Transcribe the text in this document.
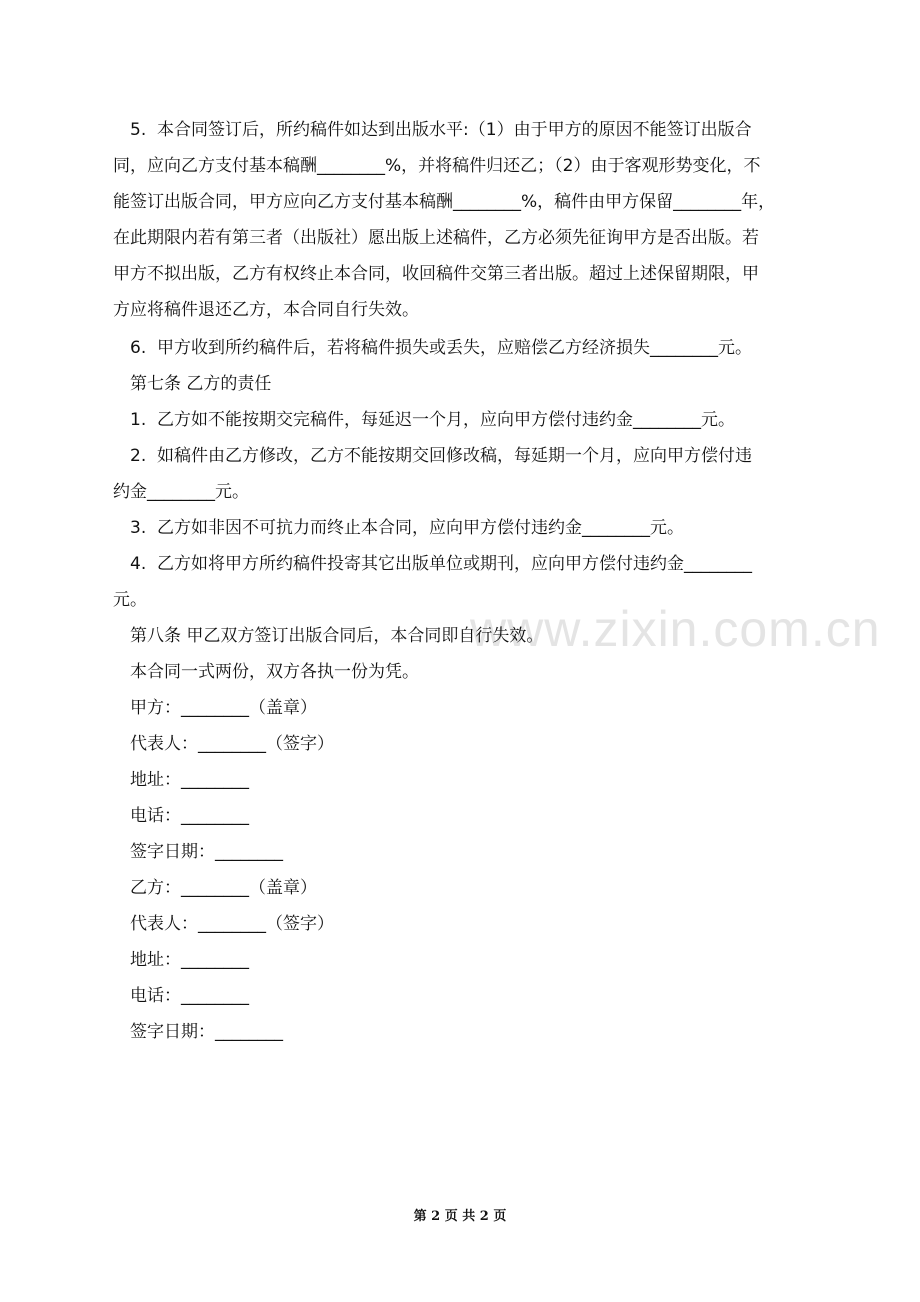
www.zixin.com.cn

5.  本合同签订后，所约稿件如达到出版水平:（1）由于甲方的原因不能签订出版合

同，应向乙方支付基本稿酬________%，并将稿件归还乙；（2）由于客观形势变化，不

能签订出版合同，甲方应向乙方支付基本稿酬________%，稿件由甲方保留________年，

在此期限内若有第三者（出版社）愿出版上述稿件，乙方必须先征询甲方是否出版。若

甲方不拟出版，乙方有权终止本合同，收回稿件交第三者出版。超过上述保留期限，甲

方应将稿件退还乙方，本合同自行失效。

6.  甲方收到所约稿件后，若将稿件损失或丢失，应赔偿乙方经济损失________元。

第七条 乙方的责任

1.  乙方如不能按期交完稿件，每延迟一个月，应向甲方偿付违约金________元。

2.  如稿件由乙方修改，乙方不能按期交回修改稿，每延期一个月，应向甲方偿付违

约金________元。

3.  乙方如非因不可抗力而终止本合同，应向甲方偿付违约金________元。

4.  乙方如将甲方所约稿件投寄其它出版单位或期刊，应向甲方偿付违约金________

元。

第八条 甲乙双方签订出版合同后，本合同即自行失效。

本合同一式两份，双方各执一份为凭。

甲方：________（盖章）

代表人：________（签字）

地址：________

电话：________

签字日期：________

乙方：________（盖章）

代表人：________（签字）

地址：________

电话：________

签字日期：________

第 2 页 共 2 页
